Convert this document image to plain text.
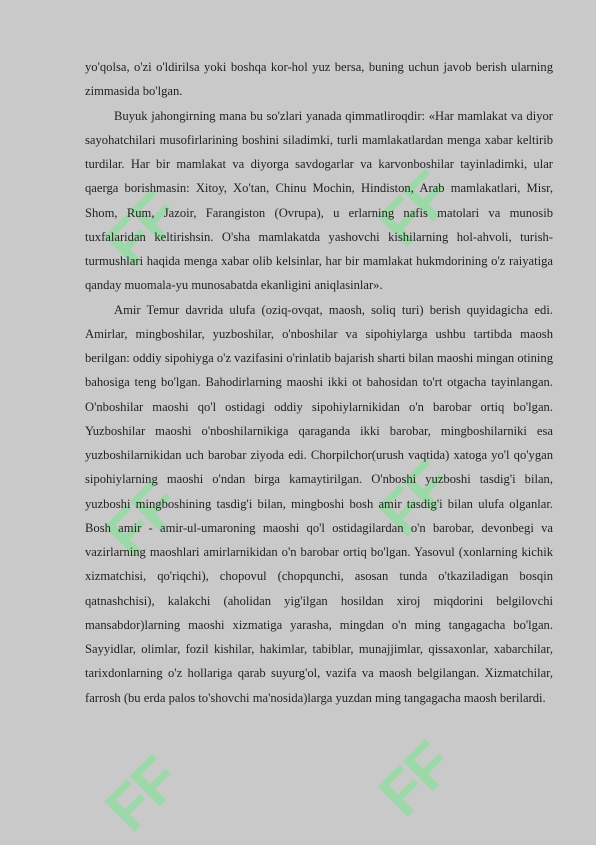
FF	FF
FF	FF
FF	FF

yo'qolsa, o'zi o'ldirilsa yoki boshqa kor-hol yuz bersa, buning uchun javob berish ularning zimmasida bo'lgan.

Buyuk jahongirning mana bu so'zlari yanada qimmatliroqdir: «Har mamlakat va diyor sayohatchilari musofirlarining boshini siladimki, turli mamlakatlardan menga xabar keltirib turdilar. Har bir mamlakat va diyorga savdogarlar va karvonboshilar tayinladimki, ular qaerga borishmasin: Xitoy, Xo'tan, Chinu Mochin, Hindiston, Arab mamlakatlari, Misr, Shom, Rum, Jazoir, Farangiston (Ovrupa), u erlarning nafis matolari va munosib tuxfalaridan keltirishsin. O'sha mamlakatda yashovchi kishilarning hol-ahvoli, turish-turmushlari haqida menga xabar olib kelsinlar, har bir mamlakat hukmdorining o'z raiyatiga qanday muomala-yu munosabatda ekanligini aniqlasinlar».

Amir Temur davrida ulufa (oziq-ovqat, maosh, soliq turi) berish quyidagicha edi. Amirlar, mingboshilar, yuzboshilar, o'nboshilar va sipohiylarga ushbu tartibda maosh berilgan: oddiy sipohiyga o'z vazifasini o'rinlatib bajarish sharti bilan maoshi mingan otining bahosiga teng bo'lgan. Bahodirlarning maoshi ikki ot bahosidan to'rt otgacha tayinlangan. O'nboshilar maoshi qo'l ostidagi oddiy sipohiylarnikidan o'n barobar ortiq bo'lgan. Yuzboshilar maoshi o'nboshilarnikiga qaraganda ikki barobar, mingboshilarniki esa yuzboshilarnikidan uch barobar ziyoda edi. Chorpilchor(urush vaqtida) xatoga yo'l qo'ygan sipohiylarning maoshi o'ndan birga kamaytirilgan. O'nboshi yuzboshi tasdig'i bilan, yuzboshi mingboshining tasdig'i bilan, mingboshi bosh amir tasdig'i bilan ulufa olganlar. Bosh amir - amir-ul-umaroning maoshi qo'l ostidagilardan o'n barobar, devonbegi va vazirlarning maoshlari amirlarnikidan o'n barobar ortiq bo'lgan. Yasovul (xonlarning kichik xizmatchisi, qo'riqchi), chopovul (chopqunchi, asosan tunda o'tkaziladigan bosqin qatnashchisi), kalakchi (aholidan yig'ilgan hosildan xiroj miqdorini belgilovchi mansabdor)larning maoshi xizmatiga yarasha, mingdan o'n ming tangagacha bo'lgan. Sayyidlar, olimlar, fozil kishilar, hakimlar, tabiblar, munajjimlar, qissaxonlar, xabarchilar, tarixdonlarning o'z hollariga qarab suyurg'ol, vazifa va maosh belgilangan. Xizmatchilar, farrosh (bu erda palos to'shovchi ma'nosida)larga yuzdan ming tangagacha maosh berilardi.
